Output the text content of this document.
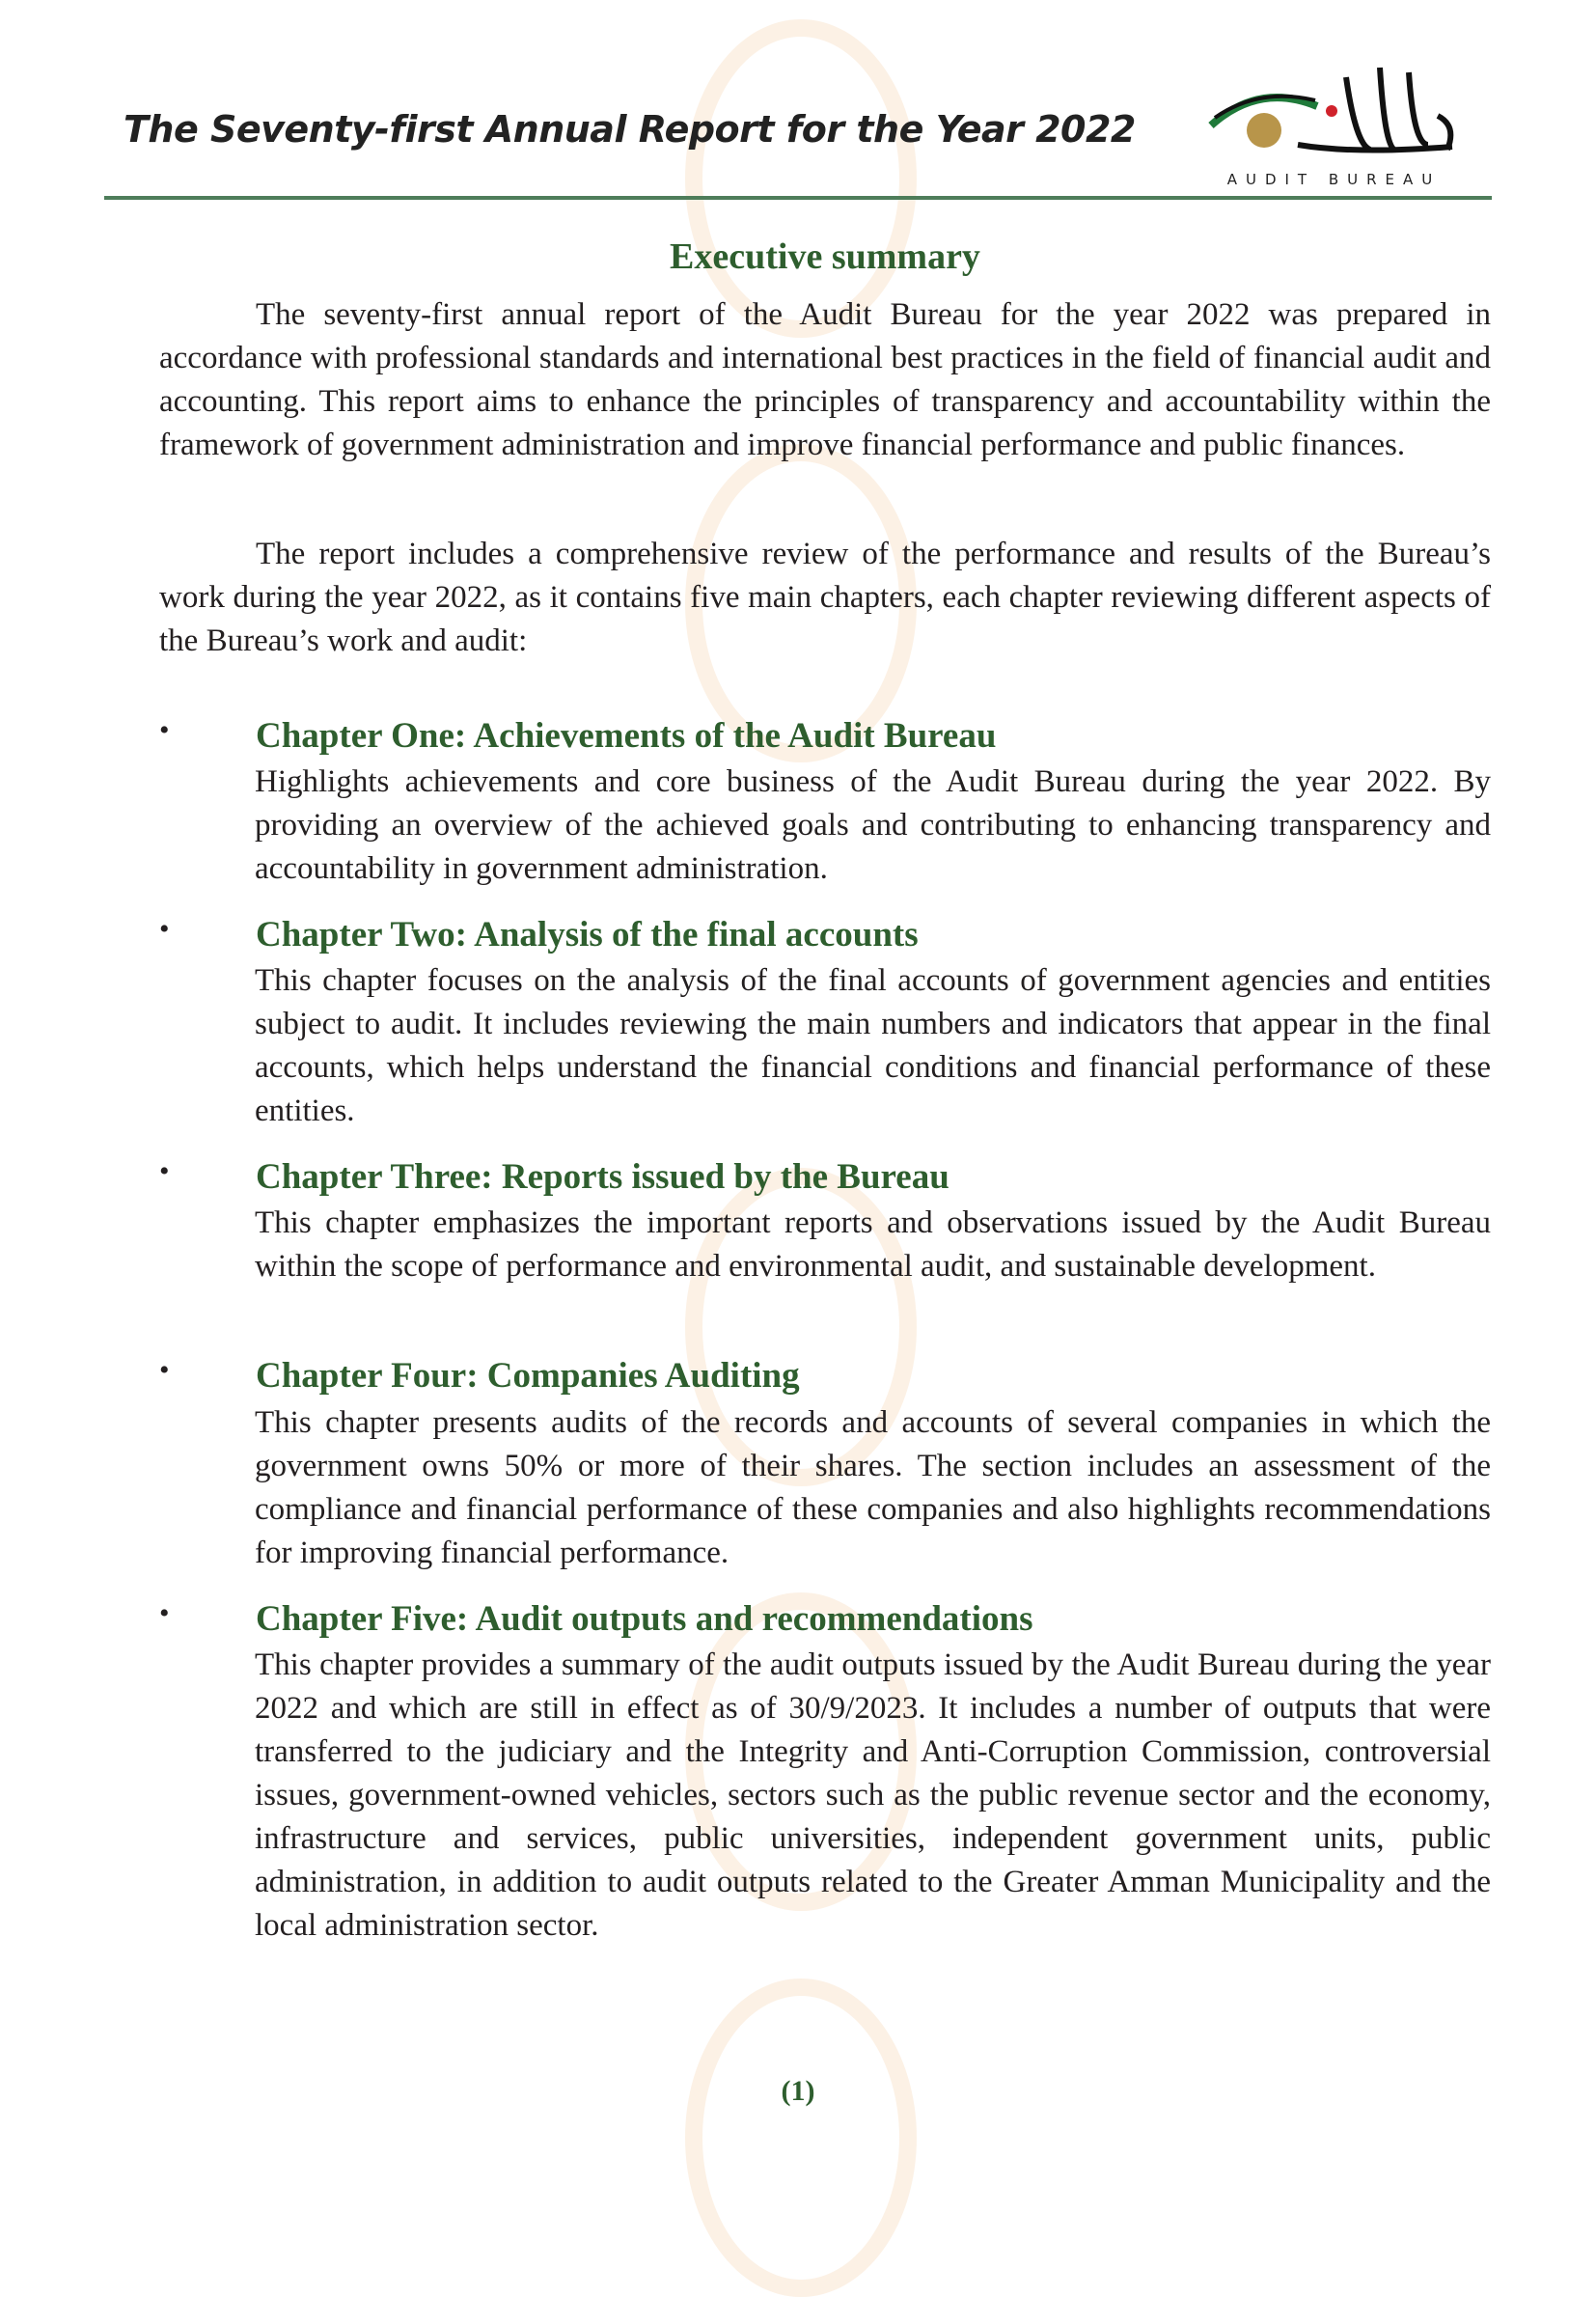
The Seventy-first Annual Report for the Year 2022
AUDIT BUREAU
Executive summary

The seventy-first annual report of the Audit Bureau for the year 2022 was prepared in accordance with professional standards and international best practices in the field of financial audit and accounting. This report aims to enhance the principles of transparency and accountability within the framework of government administration and improve financial performance and public finances.

The report includes a comprehensive review of the performance and results of the Bureau’s work during the year 2022, as it contains five main chapters, each chapter reviewing different aspects of the Bureau’s work and audit:

• Chapter One: Achievements of the Audit Bureau

Highlights achievements and core business of the Audit Bureau during the year 2022. By providing an overview of the achieved goals and contributing to enhancing transparency and accountability in government administration.

• Chapter Two: Analysis of the final accounts

This chapter focuses on the analysis of the final accounts of government agencies and entities subject to audit. It includes reviewing the main numbers and indicators that appear in the final accounts, which helps understand the financial conditions and financial performance of these entities.

• Chapter Three: Reports issued by the Bureau

This chapter emphasizes the important reports and observations issued by the Audit Bureau within the scope of performance and environmental audit, and sustainable development.

• Chapter Four: Companies Auditing

This chapter presents audits of the records and accounts of several companies in which the government owns 50% or more of their shares. The section includes an assessment of the compliance and financial performance of these companies and also highlights recommendations for improving financial performance.

• Chapter Five: Audit outputs and recommendations

This chapter provides a summary of the audit outputs issued by the Audit Bureau during the year 2022 and which are still in effect as of 30/9/2023. It includes a number of outputs that were transferred to the judiciary and the Integrity and Anti-Corruption Commission, controversial issues, government-owned vehicles, sectors such as the public revenue sector and the economy, infrastructure and services, public universities, independent government units, public administration, in addition to audit outputs related to the Greater Amman Municipality and the local administration sector.

(1)
